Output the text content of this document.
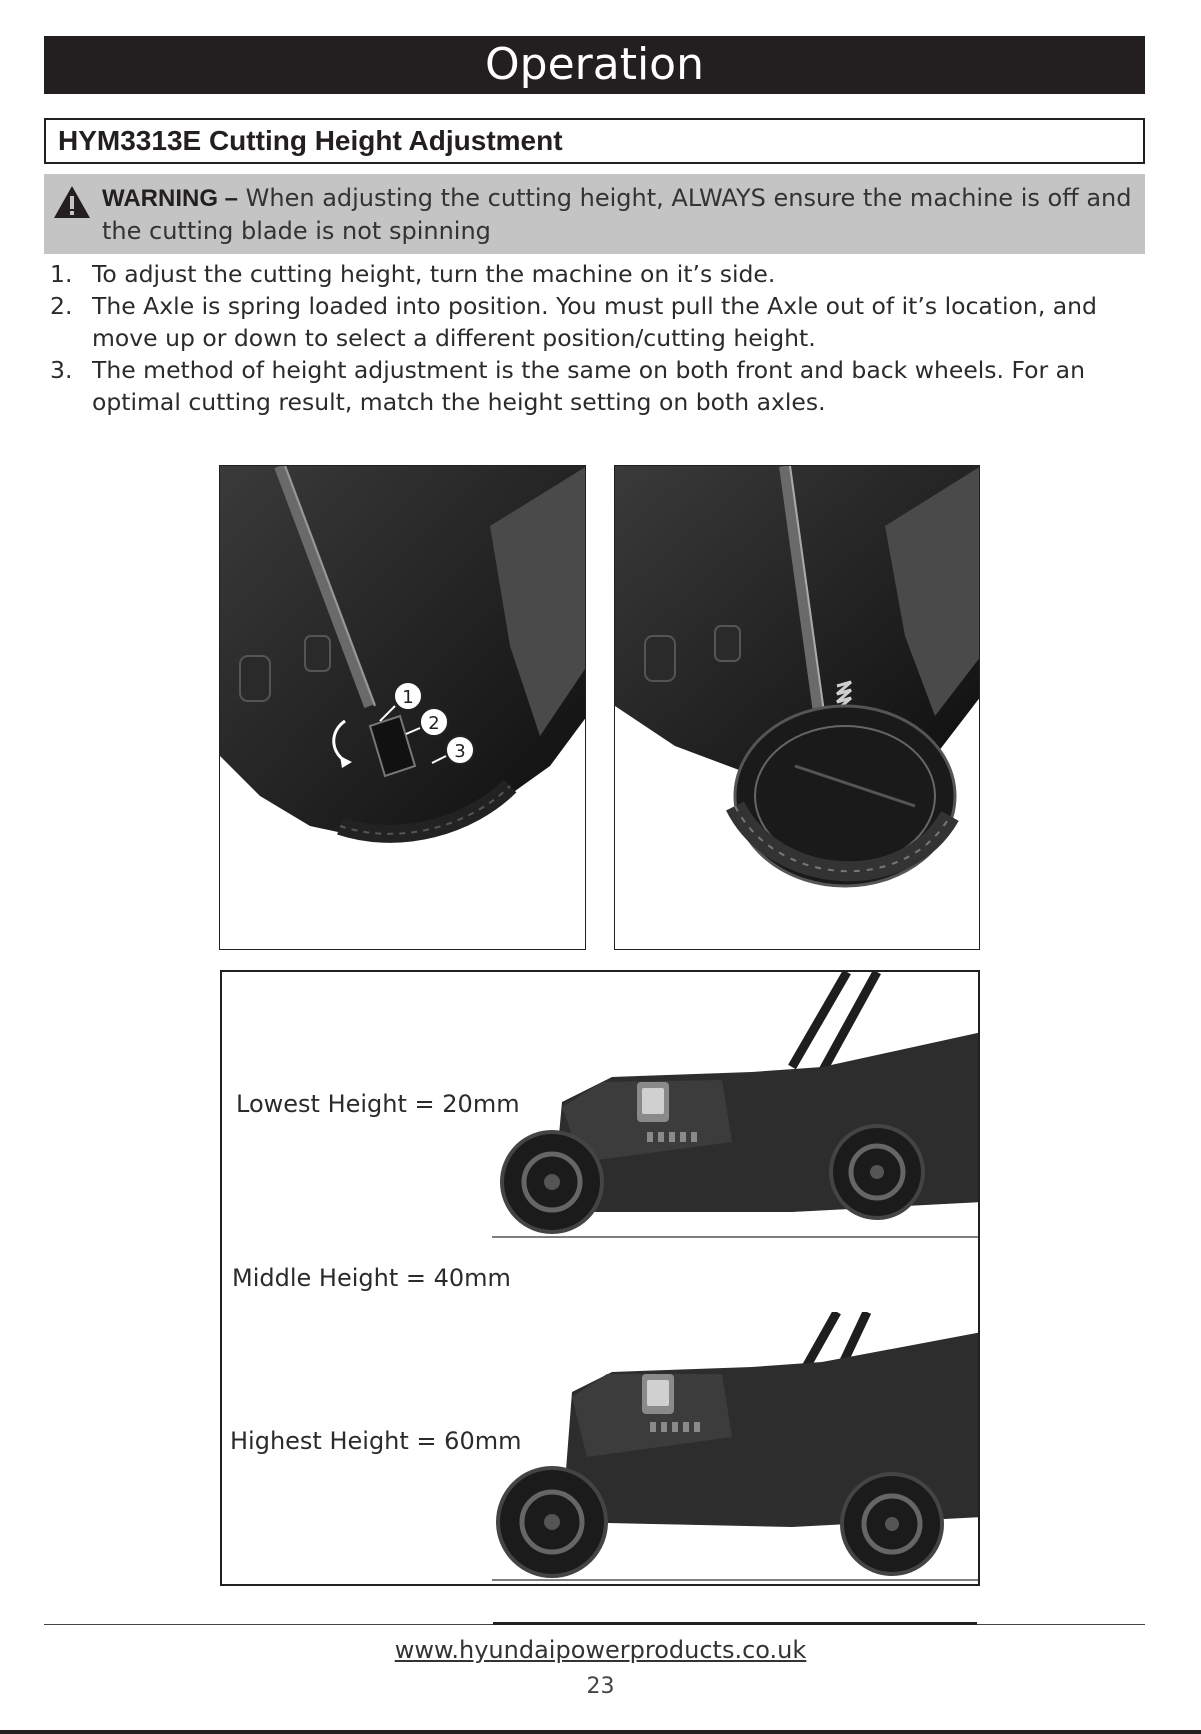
Operation
HYM3313E Cutting Height Adjustment
WARNING – When adjusting the cutting height, ALWAYS ensure the machine is off and the cutting blade is not spinning
1. To adjust the cutting height, turn the machine on it’s side.
2. The Axle is spring loaded into position. You must pull the Axle out of it’s location, and move up or down to select a different position/cutting height.
3. The method of height adjustment is the same on both front and back wheels. For an optimal cutting result, match the height setting on both axles.
1
2
3
Lowest Height = 20mm
Middle Height = 40mm
Highest Height = 60mm
www.hyundaipowerproducts.co.uk
23
